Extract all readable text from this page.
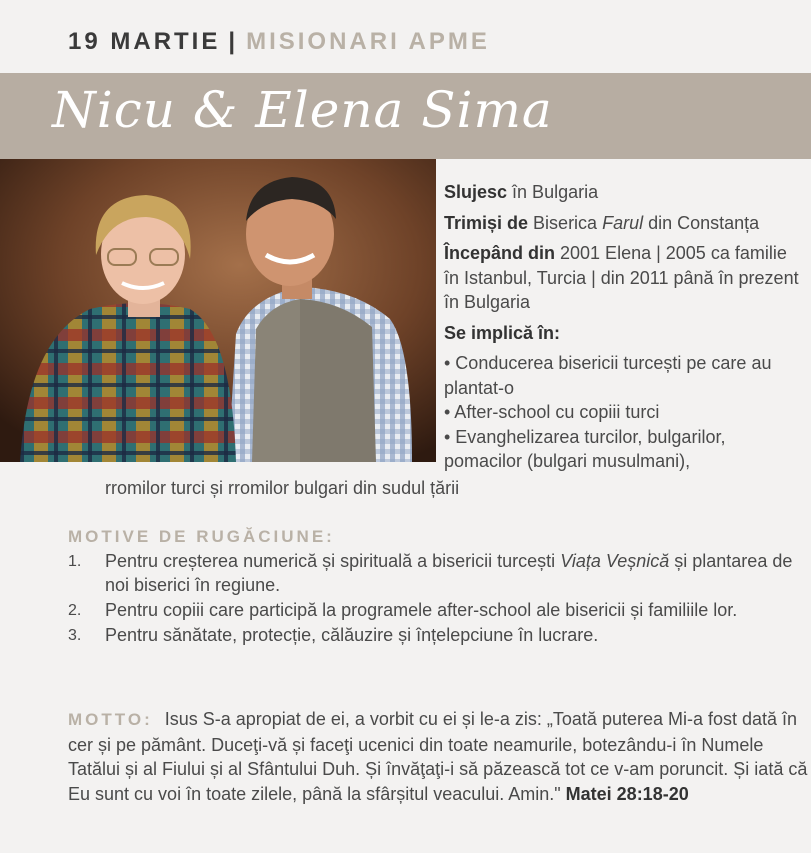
19 MARTIE | MISIONARI APME
Nicu & Elena Sima

Slujesc în Bulgaria

Trimiși de Biserica Farul din Constanța

Începând din 2001 Elena | 2005 ca familie în Istanbul, Turcia | din 2011 până în prezent în Bulgaria

Se implică în:

• Conducerea bisericii turcești pe care au plantat-o
• After-school cu copiii turci
• Evanghelizarea turcilor, bulgarilor, pomacilor (bulgari musulmani),
rromilor turci și rromilor bulgari din sudul țării
MOTIVE DE RUGĂCIUNE:
1. Pentru creșterea numerică și spirituală a bisericii turcești Viața Veșnică și plantarea de noi biserici în regiune.
2. Pentru copiii care participă la programele after-school ale bisericii și familiile lor.
3. Pentru sănătate, protecție, călăuzire și înțelepciune în lucrare.
MOTTO: Isus S-a apropiat de ei, a vorbit cu ei și le-a zis: „Toată puterea Mi-a fost dată în cer și pe pământ. Duceţi-vă și faceţi ucenici din toate neamurile, botezându-i în Numele Tatălui și al Fiului și al Sfântului Duh. Și învăţaţi-i să păzească tot ce v-am poruncit. Și iată că Eu sunt cu voi în toate zilele, până la sfârșitul veacului. Amin." Matei 28:18-20
